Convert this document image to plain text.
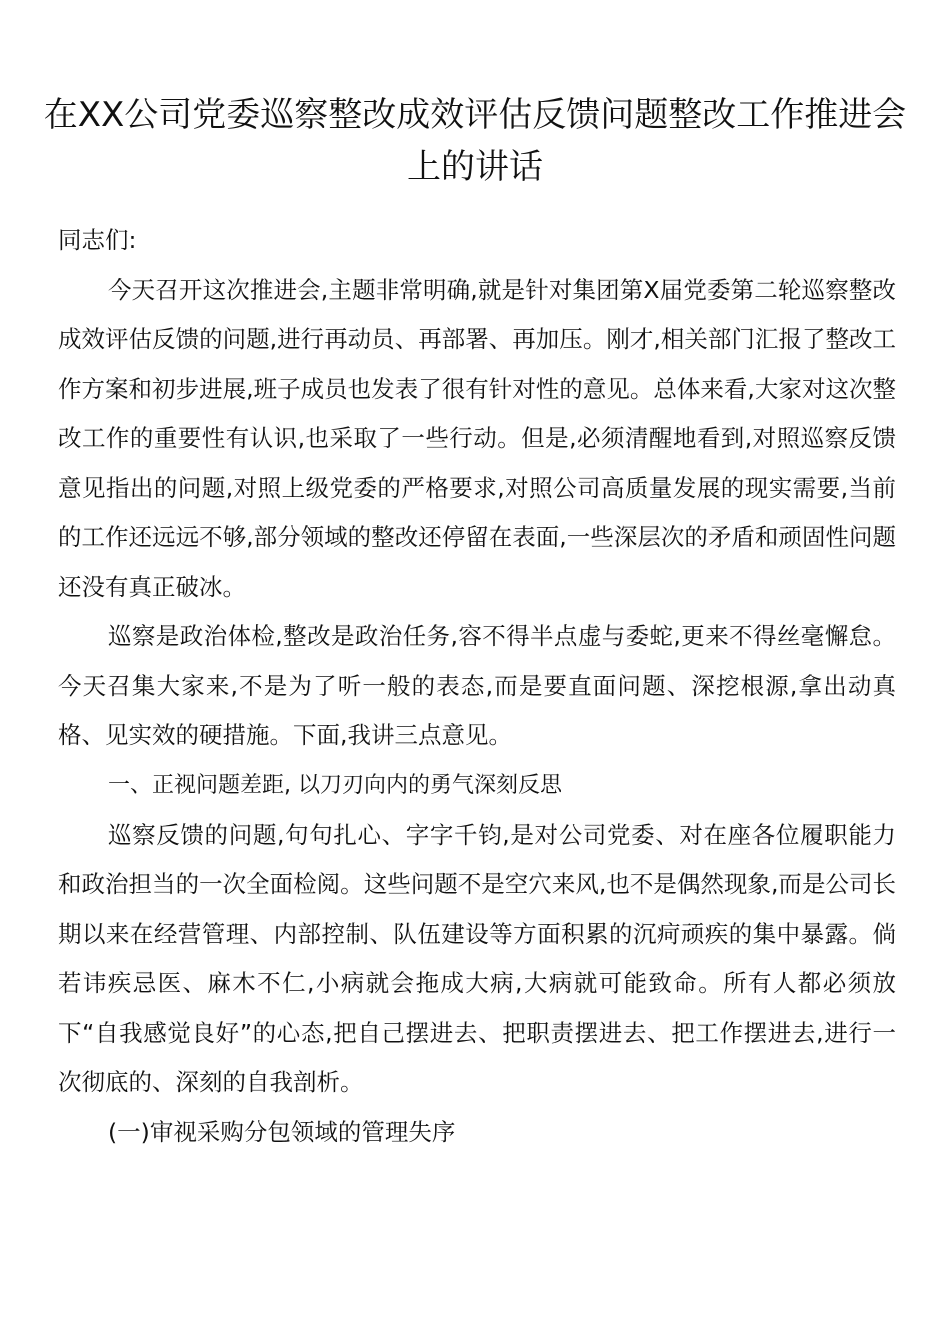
在XX公司党委巡察整改成效评估反馈问题整改工作推进会上的讲话

同志们:

今天召开这次推进会,主题非常明确,就是针对集团第X届党委第二轮巡察整改成效评估反馈的问题,进行再动员、再部署、再加压。刚才,相关部门汇报了整改工作方案和初步进展,班子成员也发表了很有针对性的意见。总体来看,大家对这次整改工作的重要性有认识,也采取了一些行动。但是,必须清醒地看到,对照巡察反馈意见指出的问题,对照上级党委的严格要求,对照公司高质量发展的现实需要,当前的工作还远远不够,部分领域的整改还停留在表面,一些深层次的矛盾和顽固性问题还没有真正破冰。

巡察是政治体检,整改是政治任务,容不得半点虚与委蛇,更来不得丝毫懈怠。今天召集大家来,不是为了听一般的表态,而是要直面问题、深挖根源,拿出动真格、见实效的硬措施。下面,我讲三点意见。

一、正视问题差距, 以刀刃向内的勇气深刻反思

巡察反馈的问题,句句扎心、字字千钧,是对公司党委、对在座各位履职能力和政治担当的一次全面检阅。这些问题不是空穴来风,也不是偶然现象,而是公司长期以来在经营管理、内部控制、队伍建设等方面积累的沉疴顽疾的集中暴露。倘若讳疾忌医、麻木不仁,小病就会拖成大病,大病就可能致命。所有人都必须放下“自我感觉良好”的心态,把自己摆进去、把职责摆进去、把工作摆进去,进行一次彻底的、深刻的自我剖析。

(一)审视采购分包领域的管理失序
